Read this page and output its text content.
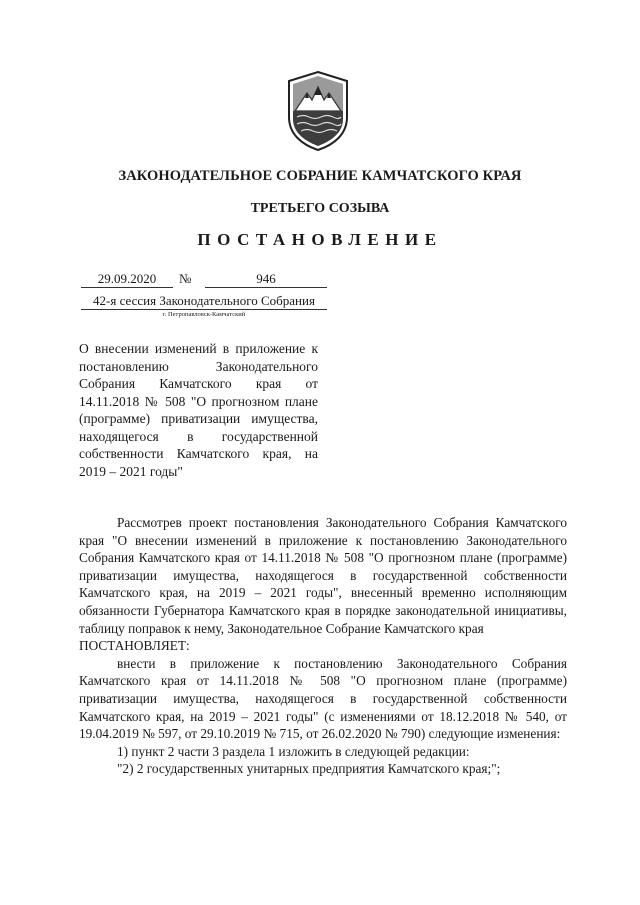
ЗАКОНОДАТЕЛЬНОЕ СОБРАНИЕ КАМЧАТСКОГО КРАЯ
ТРЕТЬЕГО СОЗЫВА
ПОСТАНОВЛЕНИЕ
29.09.2020	№	946
42-я сессия Законодательного Собрания
г. Петропавловск-Камчатский
О внесении изменений в приложение к постановлению Законодательного Собрания Камчатского края от 14.11.2018 № 508 "О прогнозном плане (программе) приватизации имущества, находящегося в государственной собственности Камчатского края, на 2019 – 2021 годы"

Рассмотрев проект постановления Законодательного Собрания Камчатского края "О внесении изменений в приложение к постановлению Законодательного Собрания Камчатского края от 14.11.2018 № 508 "О прогнозном плане (программе) приватизации имущества, находящегося в государственной собственности Камчатского края, на 2019 – 2021 годы", внесенный временно исполняющим обязанности Губернатора Камчатского края в порядке законодательной инициативы, таблицу поправок к нему, Законодательное Собрание Камчатского края

ПОСТАНОВЛЯЕТ:

внести в приложение к постановлению Законодательного Собрания Камчатского края от 14.11.2018 № 508 "О прогнозном плане (программе) приватизации имущества, находящегося в государственной собственности Камчатского края, на 2019 – 2021 годы" (с изменениями от 18.12.2018 № 540, от 19.04.2019 № 597, от 29.10.2019 № 715, от 26.02.2020 № 790) следующие изменения:

1) пункт 2 части 3 раздела 1 изложить в следующей редакции:

"2) 2 государственных унитарных предприятия Камчатского края;";
